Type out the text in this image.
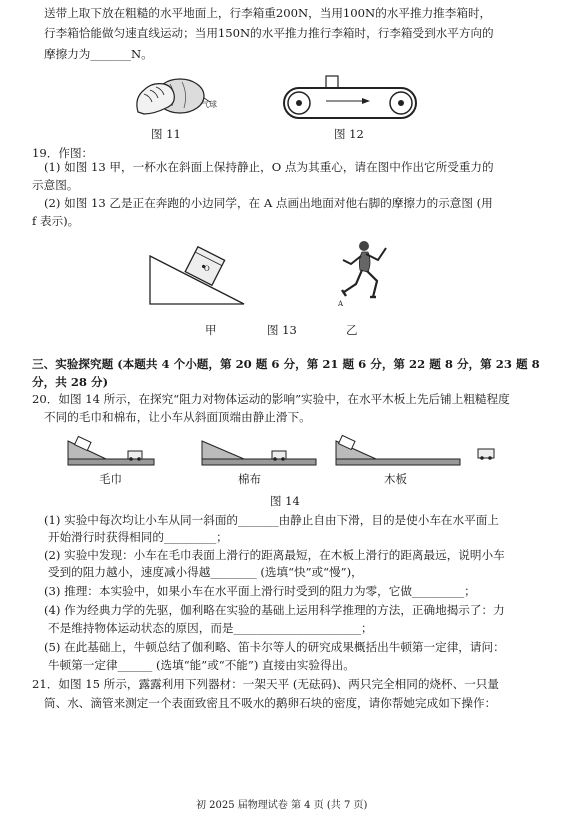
送带上取下放在粗糙的水平地面上，行李箱重200N，当用100N的水平推力推李箱时，
行李箱恰能做匀速直线运动；当用150N的水平推力推行李箱时，行李箱受到水平方向的
摩擦力为_______N。
气球
图 11	图 12
19．作图：
(1) 如图 13 甲，一杯水在斜面上保持静止，O 点为其重心，请在图中作出它所受重力的
示意图。
(2) 如图 13 乙是正在奔跑的小边同学，在 A 点画出地面对他右脚的摩擦力的示意图 (用
f 表示)。
O
A
甲	图 13	乙
三、实验探究题 (本题共 4 个小题，第 20 题 6 分，第 21 题 6 分，第 22 题 8 分，第 23 题 8
分，共 28 分)
20．如图 14 所示，在探究“阻力对物体运动的影响”实验中，在水平木板上先后铺上粗糙程度
不同的毛巾和棉布，让小车从斜面顶端由静止滑下。
毛巾	棉布	木板
图 14
(1) 实验中每次均让小车从同一斜面的_______由静止自由下滑，目的是使小车在水平面上
开始滑行时获得相同的_________；
(2) 实验中发现：小车在毛巾表面上滑行的距离最短，在木板上滑行的距离最远，说明小车
受到的阻力越小，速度减小得越________ (选填“快”或“慢”)，
(3) 推理：本实验中，如果小车在水平面上滑行时受到的阻力为零，它做_________；
(4) 作为经典力学的先驱，伽利略在实验的基础上运用科学推理的方法，正确地揭示了：力
不是维持物体运动状态的原因，而是______________________；
(5) 在此基础上，牛顿总结了伽利略、笛卡尔等人的研究成果概括出牛顿第一定律，请问：
牛顿第一定律______ (选填“能”或“不能”) 直接由实验得出。
21．如图 15 所示，露露利用下列器材：一架天平 (无砝码)、两只完全相同的烧杯、一只量
筒、水、滴管来测定一个表面致密且不吸水的鹅卵石块的密度，请你帮她完成如下操作：
初 2025 届物理试卷 第 4 页 (共 7 页)
